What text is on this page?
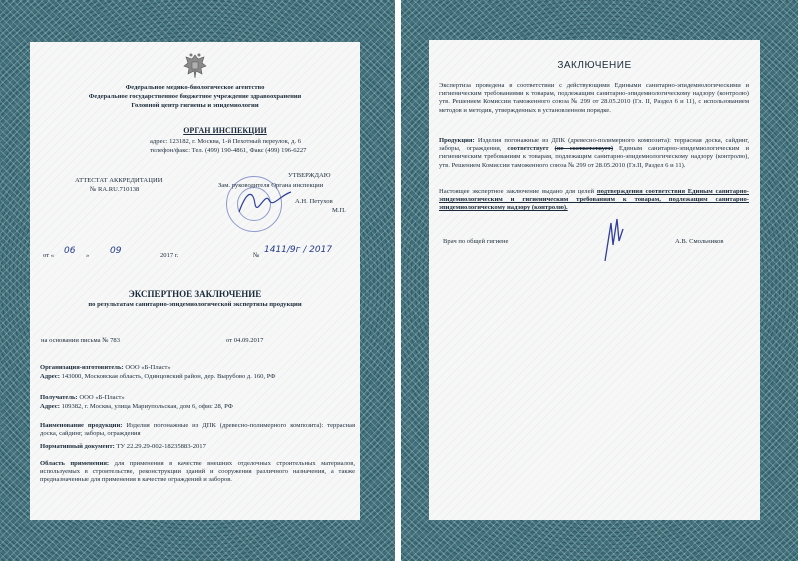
Федеральное медико-биологическое агентство

Федеральное государственное бюджетное учреждение здравоохранения

Головной центр гигиены и эпидемиологии

ОРГАН ИНСПЕКЦИИ

адрес: 123182, г. Москва, 1-й Пехотный переулок, д. 6

телефон/факс: Тел. (499) 190-4861, Факс (499) 196-6227

АТТЕСТАТ АККРЕДИТАЦИИ

№ RA.RU.710138

УТВЕРЖДАЮ

Зам. руководителя Органа инспекции

А.Н. Петухов

М.П.

от « 06 » 09	2017 г.	№

1411/9г / 2017

ЭКСПЕРТНОЕ ЗАКЛЮЧЕНИЕ

по результатам санитарно-эпидемиологической экспертизы продукции

на основании письма № 783	от 04.09.2017

Организация-изготовитель: ООО «Б-Пласт»

Адрес: 143000, Московская область, Одинцовский район, дер. Вырубово д. 160, РФ

Получатель: ООО «Б-Пласт»

Адрес: 109382, г. Москва, улица Мариупольская, дом 6, офис 28, РФ

Наименование продукции: Изделия погонажные из ДПК (древесно-полимерного композита): террасная доска, сайдинг, заборы, ограждения

Нормативный документ: ТУ 22.29.29-002-18235883-2017

Область применения: для применения в качестве внешних отделочных строительных материалов, используемых в строительстве, реконструкции зданий и сооружения различного назначения, а также предназначенные для применения в качестве ограждений и заборов.

ЗАКЛЮЧЕНИЕ

Экспертиза проведена в соответствии с действующими Едиными санитарно-эпидемиологическими и гигиеническим требованиями к товарам, подлежащим санитарно-эпидемиологическому надзору (контролю) утв. Решением Комиссии таможенного союза № 299 от 28.05.2010 (Гл. II, Раздел 6 и 11), с использованием методов и методик, утвержденных в установленном порядке.

Продукция: Изделия погонажные из ДПК (древесно-полимерного композита): террасная доска, сайдинг, заборы, ограждения, соответствует (не соответствует) Единым санитарно-эпидемиологическим и гигиеническим требованиям к товарам, подлежащим санитарно-эпидемиологическому надзору (контролю), утв. Решением Комиссии таможенного союза № 299 от 28.05.2010 (Гл.II, Раздел 6 и 11).

Настоящее экспертное заключение выдано для целей подтверждения соответствия Единым санитарно-эпидемиологическим и гигиеническим требованиям к товарам, подлежащим санитарно-эпидемиологическому надзору (контролю).

Врач по общей гигиене	А.В. Смольников
